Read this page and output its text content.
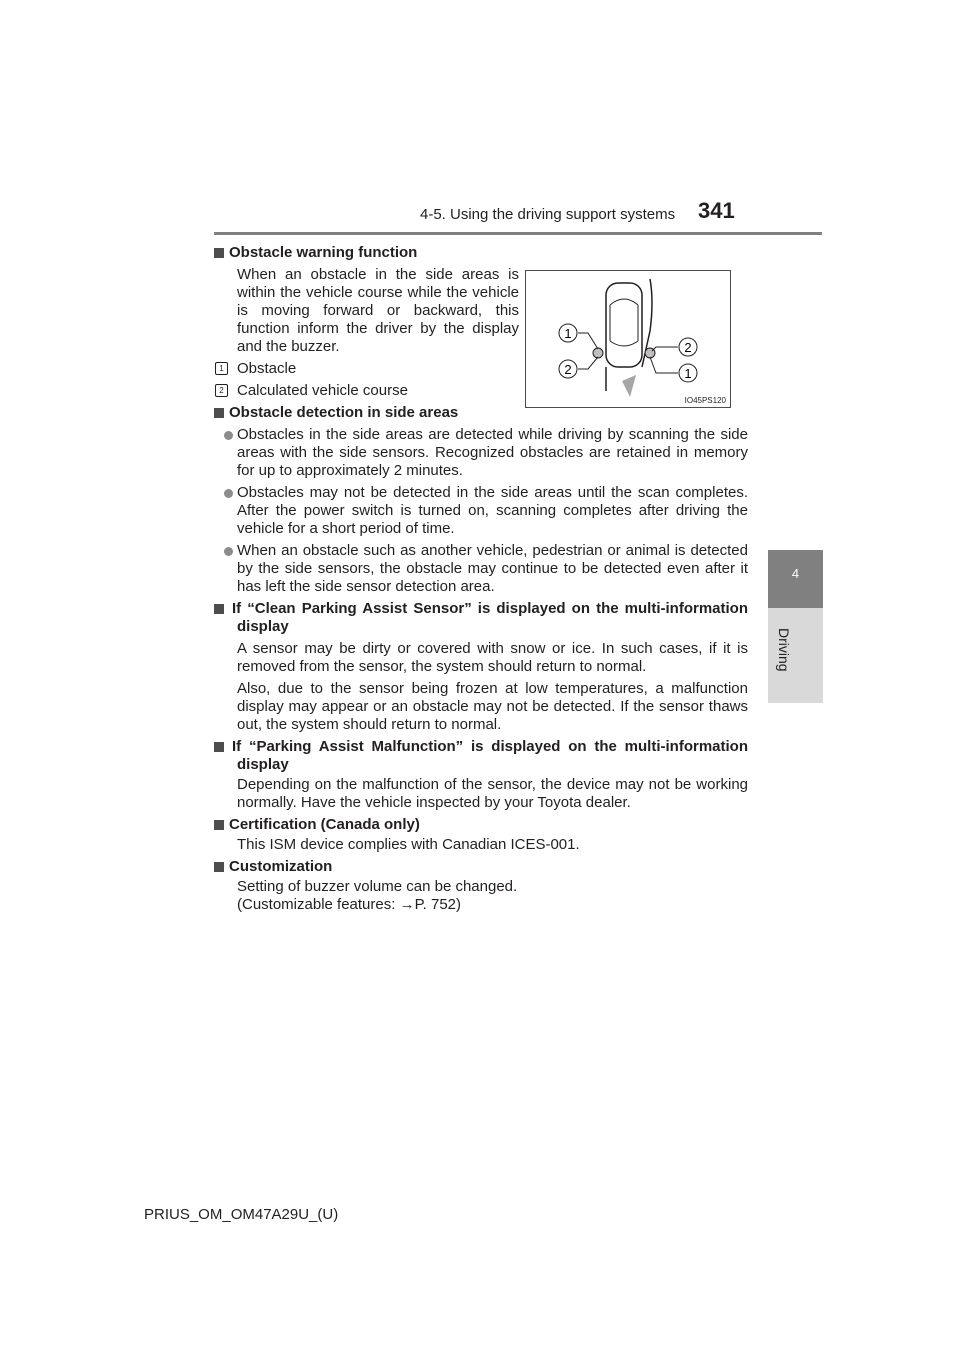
4-5. Using the driving support systems 341
4
Driving
1
2
2
1
IO45PS120

Obstacle warning function

When an obstacle in the side areas is within the vehicle course while the vehicle is moving forward or backward, this function inform the driver by the display and the buzzer.
1 Obstacle
2 Calculated vehicle course

Obstacle detection in side areas

Obstacles in the side areas are detected while driving by scanning the side areas with the side sensors. Recognized obstacles are retained in memory for up to approximately 2 minutes.

Obstacles may not be detected in the side areas until the scan completes. After the power switch is turned on, scanning completes after driving the vehicle for a short period of time.

When an obstacle such as another vehicle, pedestrian or animal is detected by the side sensors, the obstacle may continue to be detected even after it has left the side sensor detection area.

If “Clean Parking Assist Sensor” is displayed on the multi-information display

A sensor may be dirty or covered with snow or ice. In such cases, if it is removed from the sensor, the system should return to normal.

Also, due to the sensor being frozen at low temperatures, a malfunction display may appear or an obstacle may not be detected. If the sensor thaws out, the system should return to normal.

If “Parking Assist Malfunction” is displayed on the multi-information display

Depending on the malfunction of the sensor, the device may not be working normally. Have the vehicle inspected by your Toyota dealer.

Certification (Canada only)

This ISM device complies with Canadian ICES-001.

Customization

Setting of buzzer volume can be changed.

(Customizable features: →P. 752)

PRIUS_OM_OM47A29U_(U)
